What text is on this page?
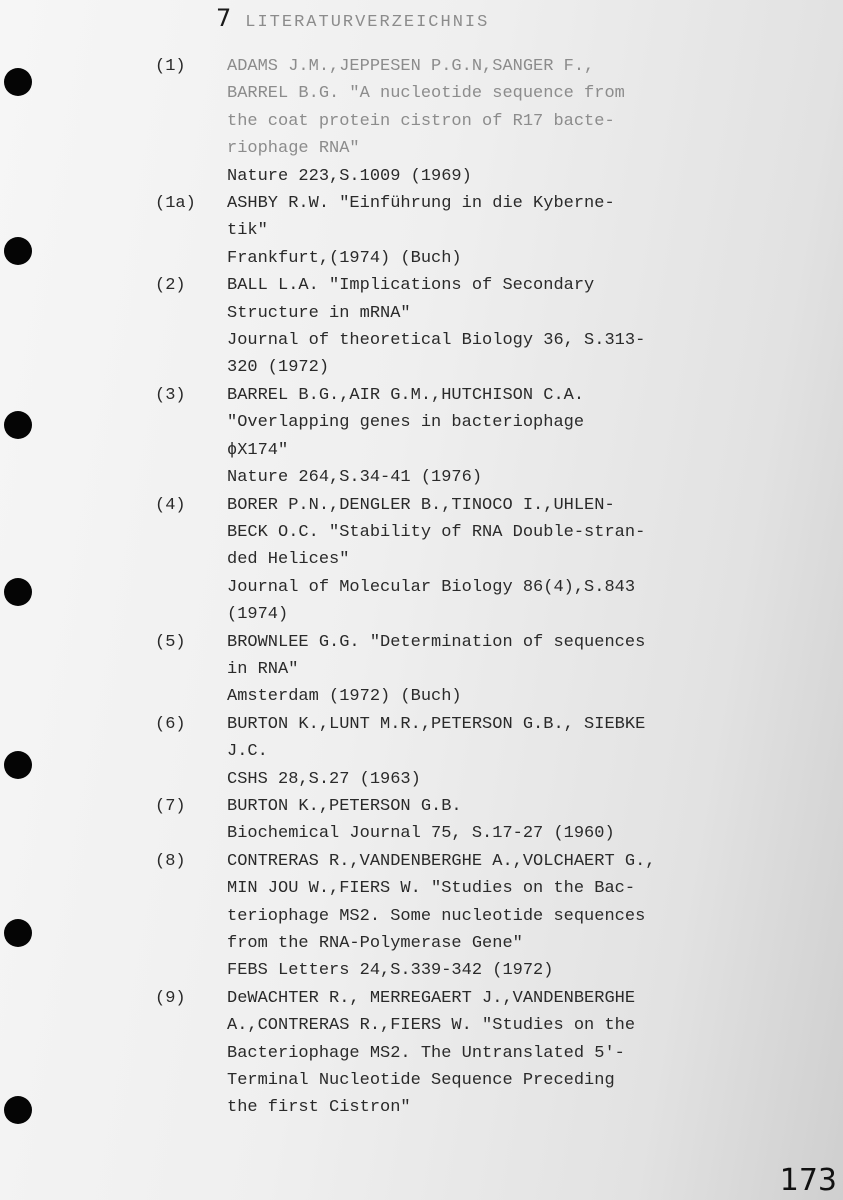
7 LITERATURVERZEICHNIS
(1) ADAMS J.M.,JEPPESEN P.G.N,SANGER F.,
BARREL B.G. "A nucleotide sequence from
the coat protein cistron of R17 bacte-
riophage RNA"
Nature 223,S.1009 (1969)
(1a) ASHBY R.W. "Einführung in die Kyberne-
tik"
Frankfurt,(1974) (Buch)
(2) BALL L.A. "Implications of Secondary
Structure in mRNA"
Journal of theoretical Biology 36, S.313-
320 (1972)
(3) BARREL B.G.,AIR G.M.,HUTCHISON C.A.
"Overlapping genes in bacteriophage
ϕX174"
Nature 264,S.34-41 (1976)
(4) BORER P.N.,DENGLER B.,TINOCO I.,UHLEN-
BECK O.C. "Stability of RNA Double-stran-
ded Helices"
Journal of Molecular Biology 86(4),S.843
(1974)
(5) BROWNLEE G.G. "Determination of sequences
in RNA"
Amsterdam (1972) (Buch)
(6) BURTON K.,LUNT M.R.,PETERSON G.B., SIEBKE
J.C.
CSHS 28,S.27 (1963)
(7) BURTON K.,PETERSON G.B.
Biochemical Journal 75, S.17-27 (1960)
(8) CONTRERAS R.,VANDENBERGHE A.,VOLCHAERT G.,
MIN JOU W.,FIERS W. "Studies on the Bac-
teriophage MS2. Some nucleotide sequences
from the RNA-Polymerase Gene"
FEBS Letters 24,S.339-342 (1972)
(9) DeWACHTER R., MERREGAERT J.,VANDENBERGHE
A.,CONTRERAS R.,FIERS W. "Studies on the
Bacteriophage MS2. The Untranslated 5'-
Terminal Nucleotide Sequence Preceding
the first Cistron"
173
